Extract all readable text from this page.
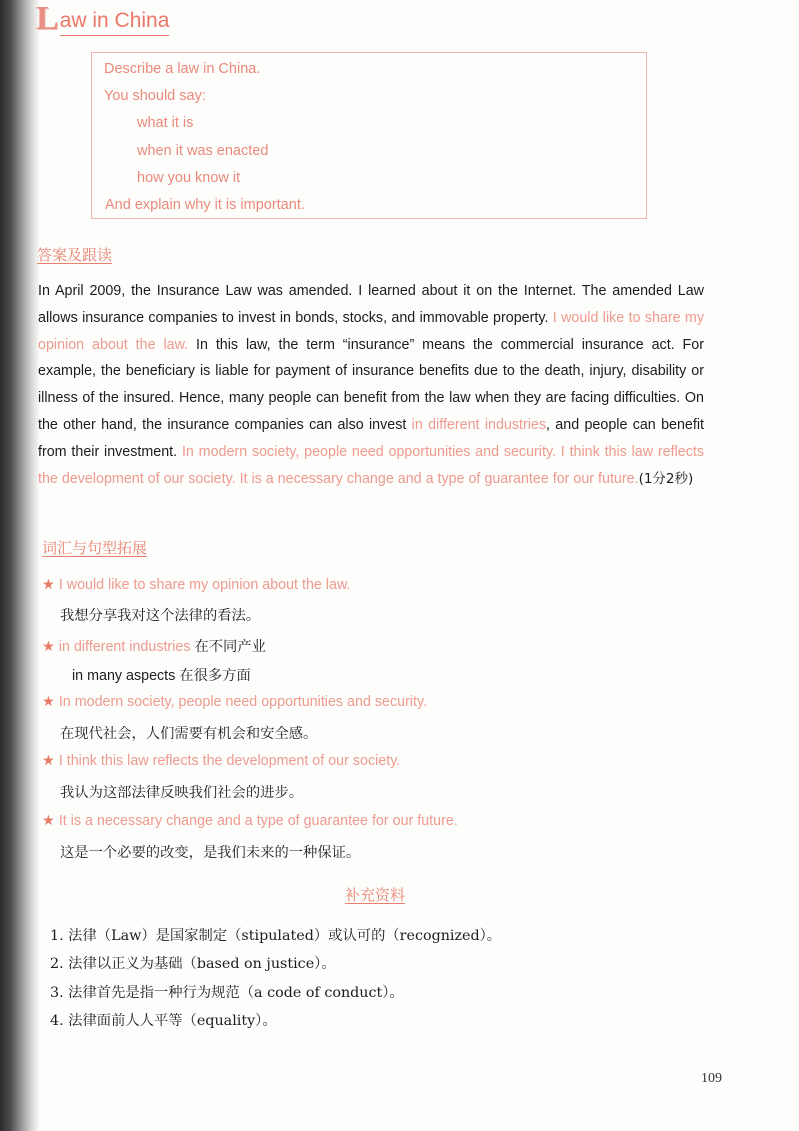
L aw in China
Describe a law in China.
You should say:
what it is
when it was enacted
how you know it
And explain why it is important.
答案及跟读
In April 2009, the Insurance Law was amended. I learned about it on the Internet. The amended Law allows insurance companies to invest in bonds, stocks, and immovable property. I would like to share my opinion about the law. In this law, the term “insurance” means the commercial insurance act. For example, the beneficiary is liable for payment of insurance benefits due to the death, injury, disability or illness of the insured. Hence, many people can benefit from the law when they are facing difficulties. On the other hand, the insurance companies can also invest in different industries, and people can benefit from their investment. In modern society, people need opportunities and security. I think this law reflects the development of our society. It is a necessary change and a type of guarantee for our future.(1分2秒)
词汇与句型拓展
★ I would like to share my opinion about the law.
我想分享我对这个法律的看法。
★ in different industries 在不同产业
in many aspects 在很多方面
★ In modern society, people need opportunities and security.
在现代社会，人们需要有机会和安全感。
★ I think this law reflects the development of our society.
我认为这部法律反映我们社会的进步。
★ It is a necessary change and a type of guarantee for our future.
这是一个必要的改变，是我们未来的一种保证。
补充资料
1. 法律（Law）是国家制定（stipulated）或认可的（recognized）。
2. 法律以正义为基础（based on justice）。
3. 法律首先是指一种行为规范（a code of conduct）。
4. 法律面前人人平等（equality）。
109
